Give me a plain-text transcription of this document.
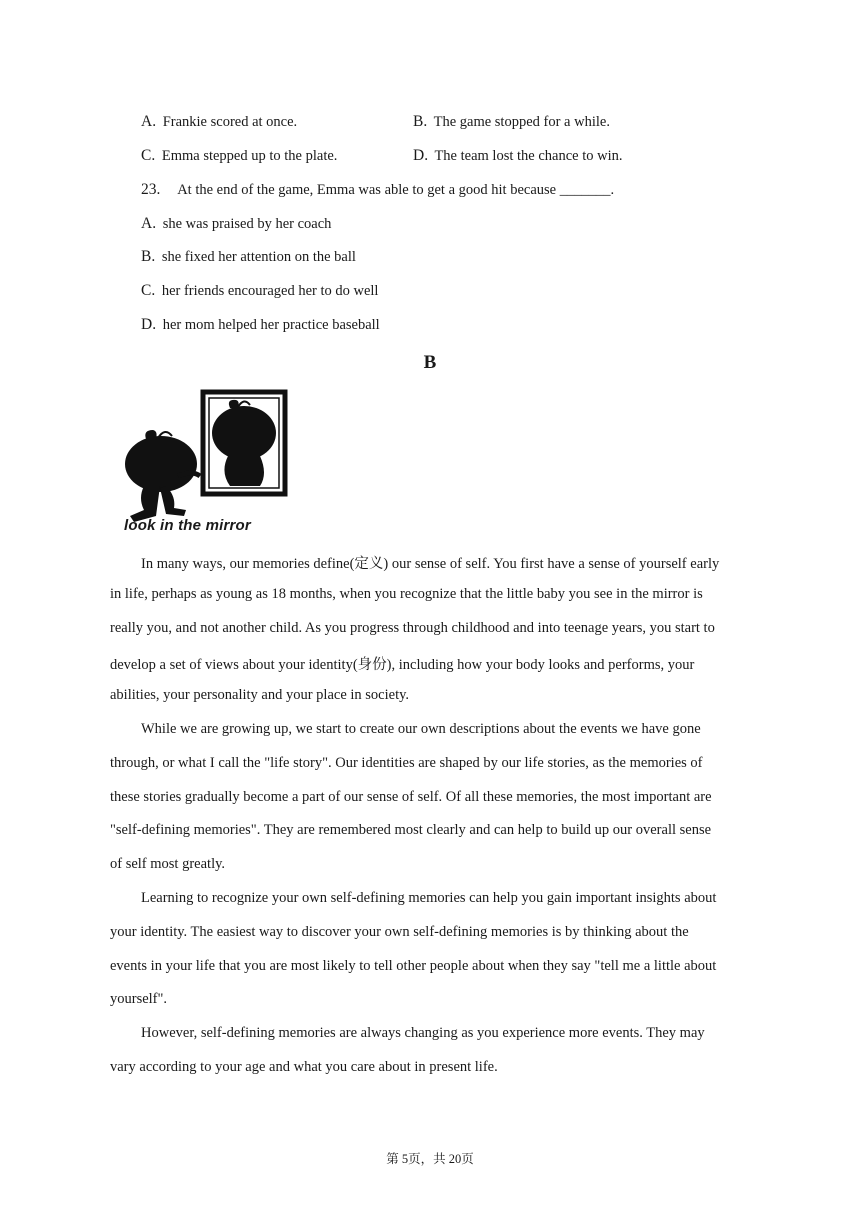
A. Frankie scored at once.	B. The game stopped for a while.
C. Emma stepped up to the plate.	D. The team lost the chance to win.
23. At the end of the game, Emma was able to get a good hit because _______.
A. she was praised by her coach
B. she fixed her attention on the ball
C. her friends encouraged her to do well
D. her mom helped her practice baseball
B
look in the mirror
In many ways, our memories define(定义) our sense of self. You first have a sense of yourself early
in life, perhaps as young as 18 months, when you recognize that the little baby you see in the mirror is
really you, and not another child. As you progress through childhood and into teenage years, you start to
develop a set of views about your identity(身份), including how your body looks and performs, your
abilities, your personality and your place in society.
While we are growing up, we start to create our own descriptions about the events we have gone
through, or what I call the "life story". Our identities are shaped by our life stories, as the memories of
these stories gradually become a part of our sense of self. Of all these memories, the most important are
"self-defining memories". They are remembered most clearly and can help to build up our overall sense
of self most greatly.
Learning to recognize your own self-defining memories can help you gain important insights about
your identity. The easiest way to discover your own self-defining memories is by thinking about the
events in your life that you are most likely to tell other people about when they say "tell me a little about
yourself".
However, self-defining memories are always changing as you experience more events. They may
vary according to your age and what you care about in present life.
第 5页，共 20页
